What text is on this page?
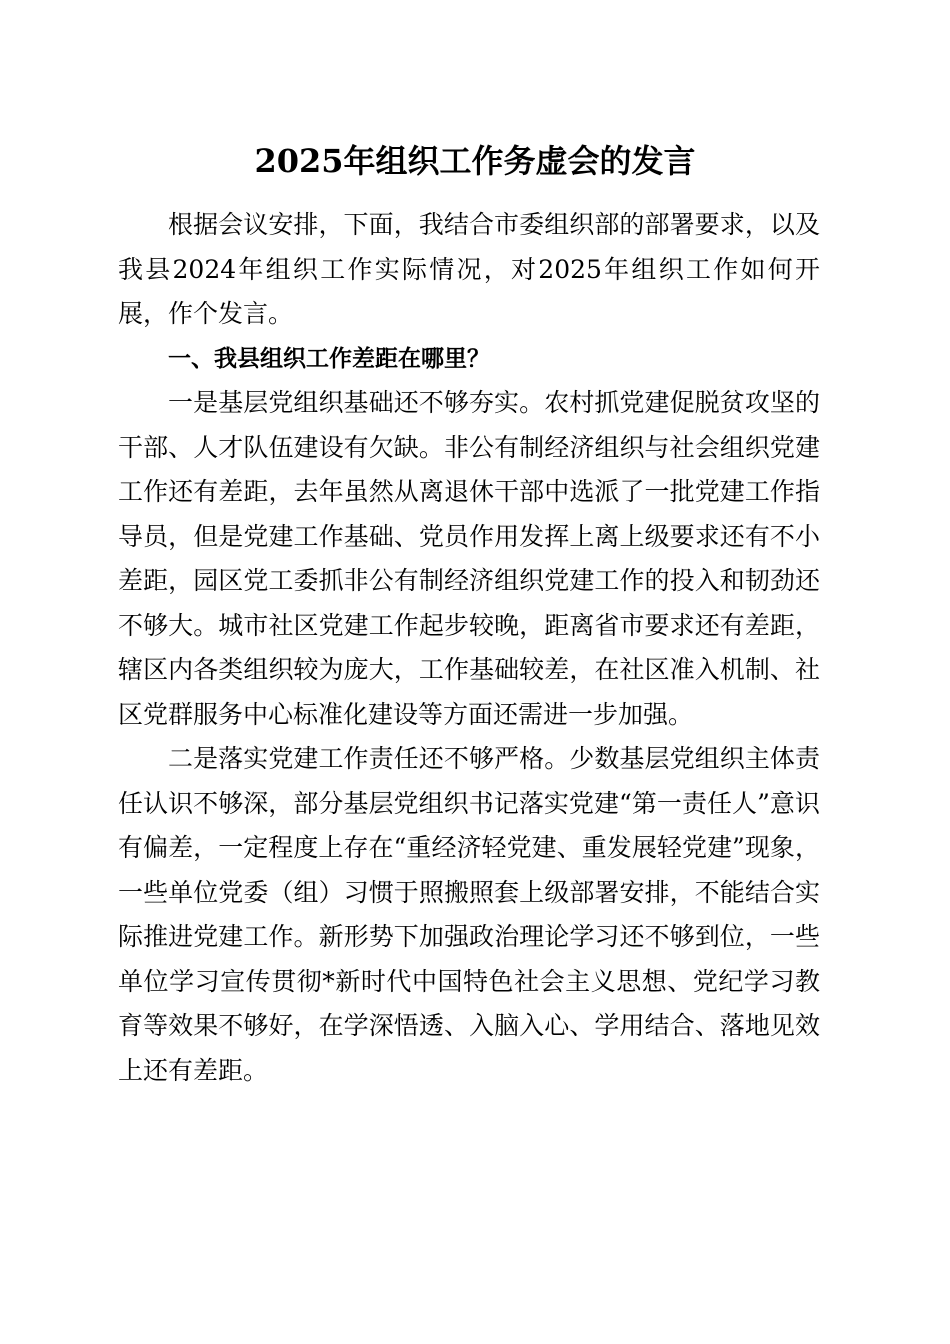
2025年组织工作务虚会的发言

根据会议安排，下面，我结合市委组织部的部署要求，以及我县2024年组织工作实际情况，对2025年组织工作如何开展，作个发言。

一、我县组织工作差距在哪里？

一是基层党组织基础还不够夯实。农村抓党建促脱贫攻坚的干部、人才队伍建设有欠缺。非公有制经济组织与社会组织党建工作还有差距，去年虽然从离退休干部中选派了一批党建工作指导员，但是党建工作基础、党员作用发挥上离上级要求还有不小差距，园区党工委抓非公有制经济组织党建工作的投入和韧劲还不够大。城市社区党建工作起步较晚，距离省市要求还有差距，辖区内各类组织较为庞大，工作基础较差，在社区准入机制、社区党群服务中心标准化建设等方面还需进一步加强。

二是落实党建工作责任还不够严格。少数基层党组织主体责任认识不够深，部分基层党组织书记落实党建“第一责任人”意识有偏差，一定程度上存在“重经济轻党建、重发展轻党建”现象，一些单位党委（组）习惯于照搬照套上级部署安排，不能结合实际推进党建工作。新形势下加强政治理论学习还不够到位，一些单位学习宣传贯彻*新时代中国特色社会主义思想、党纪学习教育等效果不够好，在学深悟透、入脑入心、学用结合、落地见效上还有差距。
